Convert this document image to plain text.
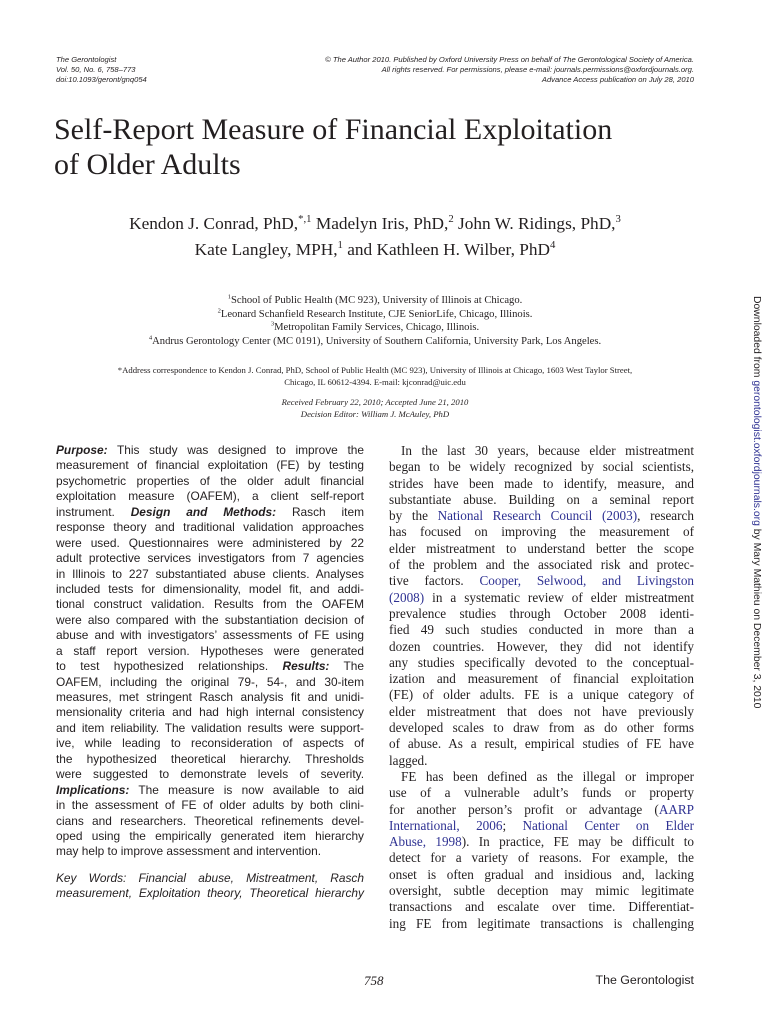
The Gerontologist
Vol. 50, No. 6, 758–773
doi:10.1093/geront/gnq054
© The Author 2010. Published by Oxford University Press on behalf of The Gerontological Society of America.
All rights reserved. For permissions, please e-mail: journals.permissions@oxfordjournals.org.
Advance Access publication on July 28, 2010
Self-Report Measure of Financial Exploitation
of Older Adults
Kendon J. Conrad, PhD,$^{*,1}$ Madelyn Iris, PhD,$^2$ John W. Ridings, PhD,$^3$
Kate Langley, MPH,$^1$ and Kathleen H. Wilber, PhD$^4$
$^1$School of Public Health (MC 923), University of Illinois at Chicago.
$^2$Leonard Schanfield Research Institute, CJE SeniorLife, Chicago, Illinois.
$^3$Metropolitan Family Services, Chicago, Illinois.
$^4$Andrus Gerontology Center (MC 0191), University of Southern California, University Park, Los Angeles.
*Address correspondence to Kendon J. Conrad, PhD, School of Public Health (MC 923), University of Illinois at Chicago, 1603 West Taylor Street,
Chicago, IL 60612-4394. E-mail: kjconrad@uic.edu
Received February 22, 2010; Accepted June 21, 2010
Decision Editor: William J. McAuley, PhD
Purpose: This study was designed to improve the
measurement of financial exploitation (FE) by testing
psychometric properties of the older adult financial
exploitation measure (OAFEM), a client self-report
instrument. Design and Methods: Rasch item
response theory and traditional validation approaches
were used. Questionnaires were administered by 22
adult protective services investigators from 7 agencies
in Illinois to 227 substantiated abuse clients. Analyses
included tests for dimensionality, model fit, and addi-
tional construct validation. Results from the OAFEM
were also compared with the substantiation decision of
abuse and with investigators’ assessments of FE using
a staff report version. Hypotheses were generated
to test hypothesized relationships. Results: The
OAFEM, including the original 79-, 54-, and 30-item
measures, met stringent Rasch analysis fit and unidi-
mensionality criteria and had high internal consistency
and item reliability. The validation results were support-
ive, while leading to reconsideration of aspects of
the hypothesized theoretical hierarchy. Thresholds
were suggested to demonstrate levels of severity.
Implications: The measure is now available to aid
in the assessment of FE of older adults by both clini-
cians and researchers. Theoretical refinements devel-
oped using the empirically generated item hierarchy
may help to improve assessment and intervention.
Key Words: Financial abuse, Mistreatment, Rasch
measurement, Exploitation theory, Theoretical hierarchy
In the last 30 years, because elder mistreatment
began to be widely recognized by social scientists,
strides have been made to identify, measure, and
substantiate abuse. Building on a seminal report
by the National Research Council (2003), research
has focused on improving the measurement of
elder mistreatment to understand better the scope
of the problem and the associated risk and protec-
tive factors. Cooper, Selwood, and Livingston
(2008) in a systematic review of elder mistreatment
prevalence studies through October 2008 identi-
fied 49 such studies conducted in more than a
dozen countries. However, they did not identify
any studies specifically devoted to the conceptual-
ization and measurement of financial exploitation
(FE) of older adults. FE is a unique category of
elder mistreatment that does not have previously
developed scales to draw from as do other forms
of abuse. As a result, empirical studies of FE have
lagged.
FE has been defined as the illegal or improper
use of a vulnerable adult’s funds or property
for another person’s profit or advantage (AARP
International, 2006; National Center on Elder
Abuse, 1998). In practice, FE may be difficult to
detect for a variety of reasons. For example, the
onset is often gradual and insidious and, lacking
oversight, subtle deception may mimic legitimate
transactions and escalate over time. Differentiat-
ing FE from legitimate transactions is challenging
758	The Gerontologist
Downloaded from gerontologist.oxfordjournals.org by Mary Mathieu on December 3, 2010
